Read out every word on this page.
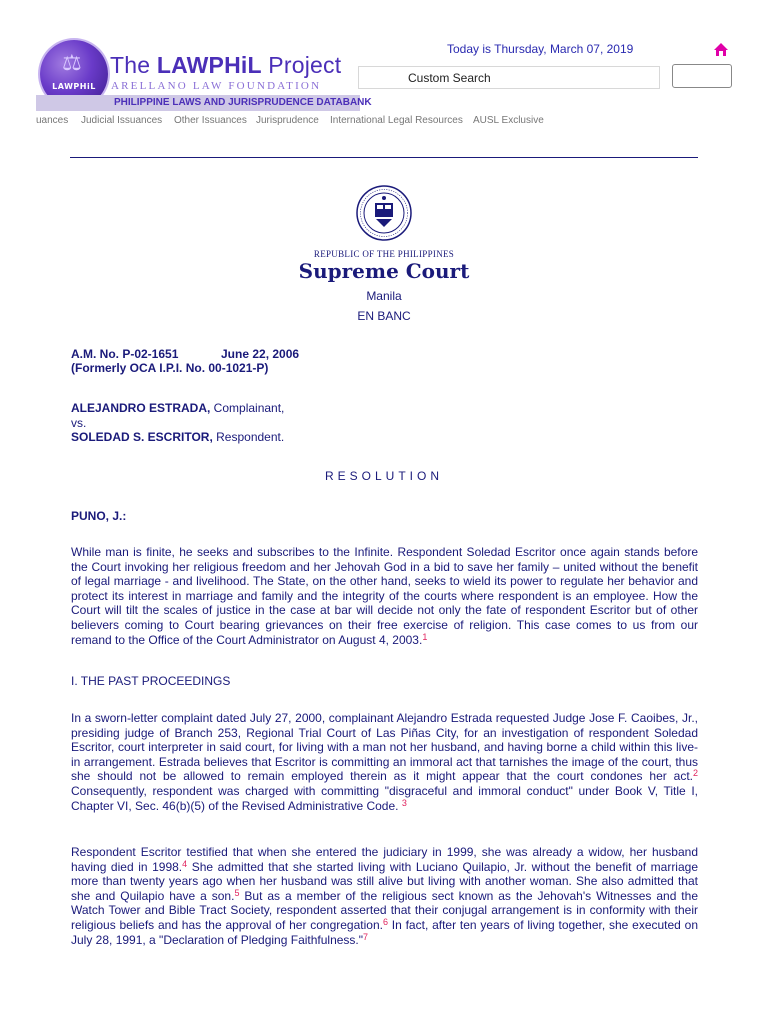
⚖
LAWPHiL
The LAWPHiL Project
ARELLANO LAW FOUNDATION
PHILIPPINE LAWS AND JURISPRUDENCE DATABANK
Today is Thursday, March 07, 2019
Custom Search
uances Judicial Issuances Other Issuances Jurisprudence International Legal Resources AUSL Exclusive
REPUBLIC OF THE PHILIPPINES
Supreme Court
Manila
EN BANC
A.M. No. P-02-1651	June 22, 2006
(Formerly OCA I.P.I. No. 00-1021-P)
ALEJANDRO ESTRADA, Complainant,
vs.
SOLEDAD S. ESCRITOR, Respondent.
RESOLUTION
PUNO, J.:
While man is finite, he seeks and subscribes to the Infinite. Respondent Soledad Escritor once again stands before the Court invoking her religious freedom and her Jehovah God in a bid to save her family – united without the benefit of legal marriage - and livelihood. The State, on the other hand, seeks to wield its power to regulate her behavior and protect its interest in marriage and family and the integrity of the courts where respondent is an employee. How the Court will tilt the scales of justice in the case at bar will decide not only the fate of respondent Escritor but of other believers coming to Court bearing grievances on their free exercise of religion. This case comes to us from our remand to the Office of the Court Administrator on August 4, 2003.$^1$
I. THE PAST PROCEEDINGS
In a sworn-letter complaint dated July 27, 2000, complainant Alejandro Estrada requested Judge Jose F. Caoibes, Jr., presiding judge of Branch 253, Regional Trial Court of Las Piñas City, for an investigation of respondent Soledad Escritor, court interpreter in said court, for living with a man not her husband, and having borne a child within this live-in arrangement. Estrada believes that Escritor is committing an immoral act that tarnishes the image of the court, thus she should not be allowed to remain employed therein as it might appear that the court condones her act.$^2$ Consequently, respondent was charged with committing "disgraceful and immoral conduct" under Book V, Title I, Chapter VI, Sec. 46(b)(5) of the Revised Administrative Code. $^3$
Respondent Escritor testified that when she entered the judiciary in 1999, she was already a widow, her husband having died in 1998.$^4$ She admitted that she started living with Luciano Quilapio, Jr. without the benefit of marriage more than twenty years ago when her husband was still alive but living with another woman. She also admitted that she and Quilapio have a son.$^5$ But as a member of the religious sect known as the Jehovah's Witnesses and the Watch Tower and Bible Tract Society, respondent asserted that their conjugal arrangement is in conformity with their religious beliefs and has the approval of her congregation.$^6$ In fact, after ten years of living together, she executed on July 28, 1991, a "Declaration of Pledging Faithfulness."$^7$
